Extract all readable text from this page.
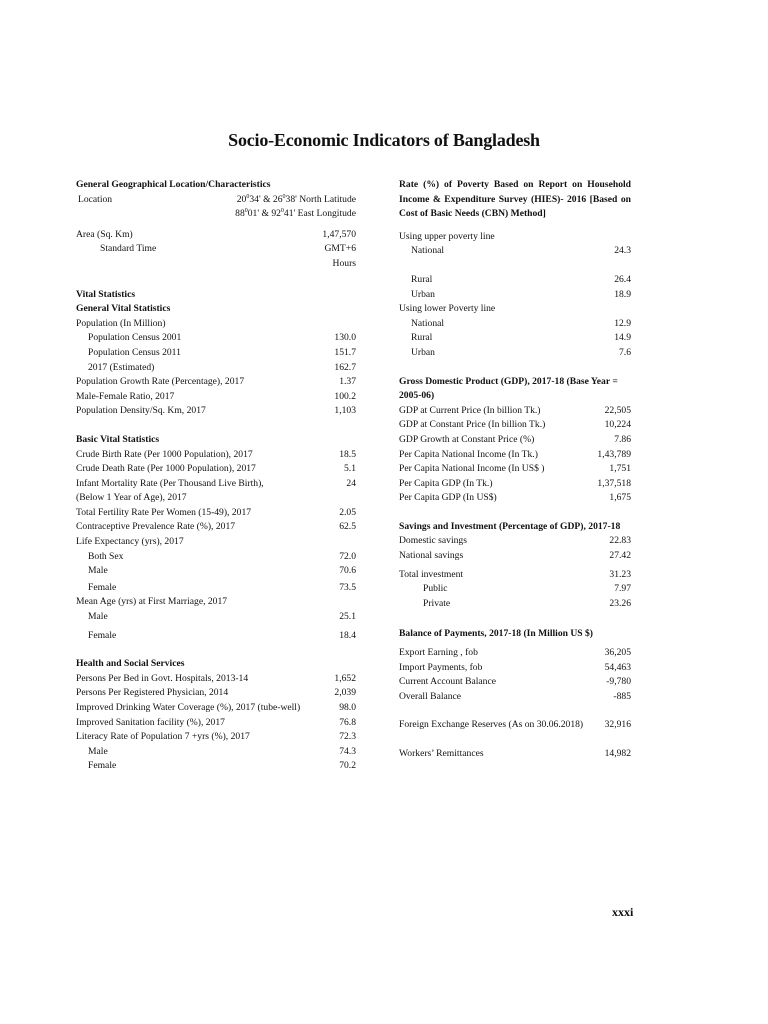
Socio-Economic Indicators of Bangladesh
General Geographical Location/Characteristics
Location	$20^034'$ & $26^038'$ North Latitude
$88^001'$ & $92^041'$ East Longitude
Area (Sq. Km)	1,47,570
Standard Time	GMT+6
Hours
Vital Statistics
General Vital Statistics
Population (In Million)
Population Census 2001	130.0
Population Census 2011	151.7
2017 (Estimated)	162.7
Population Growth Rate (Percentage), 2017	1.37
Male-Female Ratio, 2017	100.2
Population Density/Sq. Km, 2017	1,103
Basic Vital Statistics
Crude Birth Rate (Per 1000 Population), 2017	18.5
Crude Death Rate (Per 1000 Population), 2017	5.1
Infant Mortality Rate (Per Thousand Live Birth),	24
(Below 1 Year of Age), 2017
Total Fertility Rate Per Women (15-49), 2017	2.05
Contraceptive Prevalence Rate (%), 2017	62.5
Life Expectancy (yrs), 2017
Both Sex	72.0
Male	70.6
Female	73.5
Mean Age (yrs) at First Marriage, 2017
Male	25.1
Female	18.4
Health and Social Services
Persons Per Bed in Govt. Hospitals, 2013-14	1,652
Persons Per Registered Physician, 2014	2,039
Improved Drinking Water Coverage (%), 2017 (tube-well)	98.0
Improved Sanitation facility (%), 2017	76.8
Literacy Rate of Population 7 +yrs (%), 2017	72.3
Male	74.3
Female	70.2
Rate (%) of Poverty Based on Report on Household Income & Expenditure Survey (HIES)- 2016 [Based on Cost of Basic Needs (CBN) Method]
Using upper poverty line
National	24.3
Rural	26.4
Urban	18.9
Using lower Poverty line
National	12.9
Rural	14.9
Urban	7.6
Gross Domestic Product (GDP), 2017-18 (Base Year = 2005-06)
GDP at Current Price (In billion Tk.)	22,505
GDP at Constant Price (In billion Tk.)	10,224
GDP Growth at Constant Price (%)	7.86
Per Capita National Income (In Tk.)	1,43,789
Per Capita National Income (In US$ )	1,751
Per Capita GDP (In Tk.)	1,37,518
Per Capita GDP (In US$)	1,675
Savings and Investment (Percentage of GDP), 2017-18
Domestic savings	22.83
National savings	27.42
Total investment	31.23
Public	7.97
Private	23.26
Balance of Payments, 2017-18 (In Million US $)
Export Earning , fob	36,205
Import Payments, fob	54,463
Current Account Balance	-9,780
Overall Balance	-885
Foreign Exchange Reserves (As on 30.06.2018) 32,916
Workers’ Remittances	14,982
xxxi
